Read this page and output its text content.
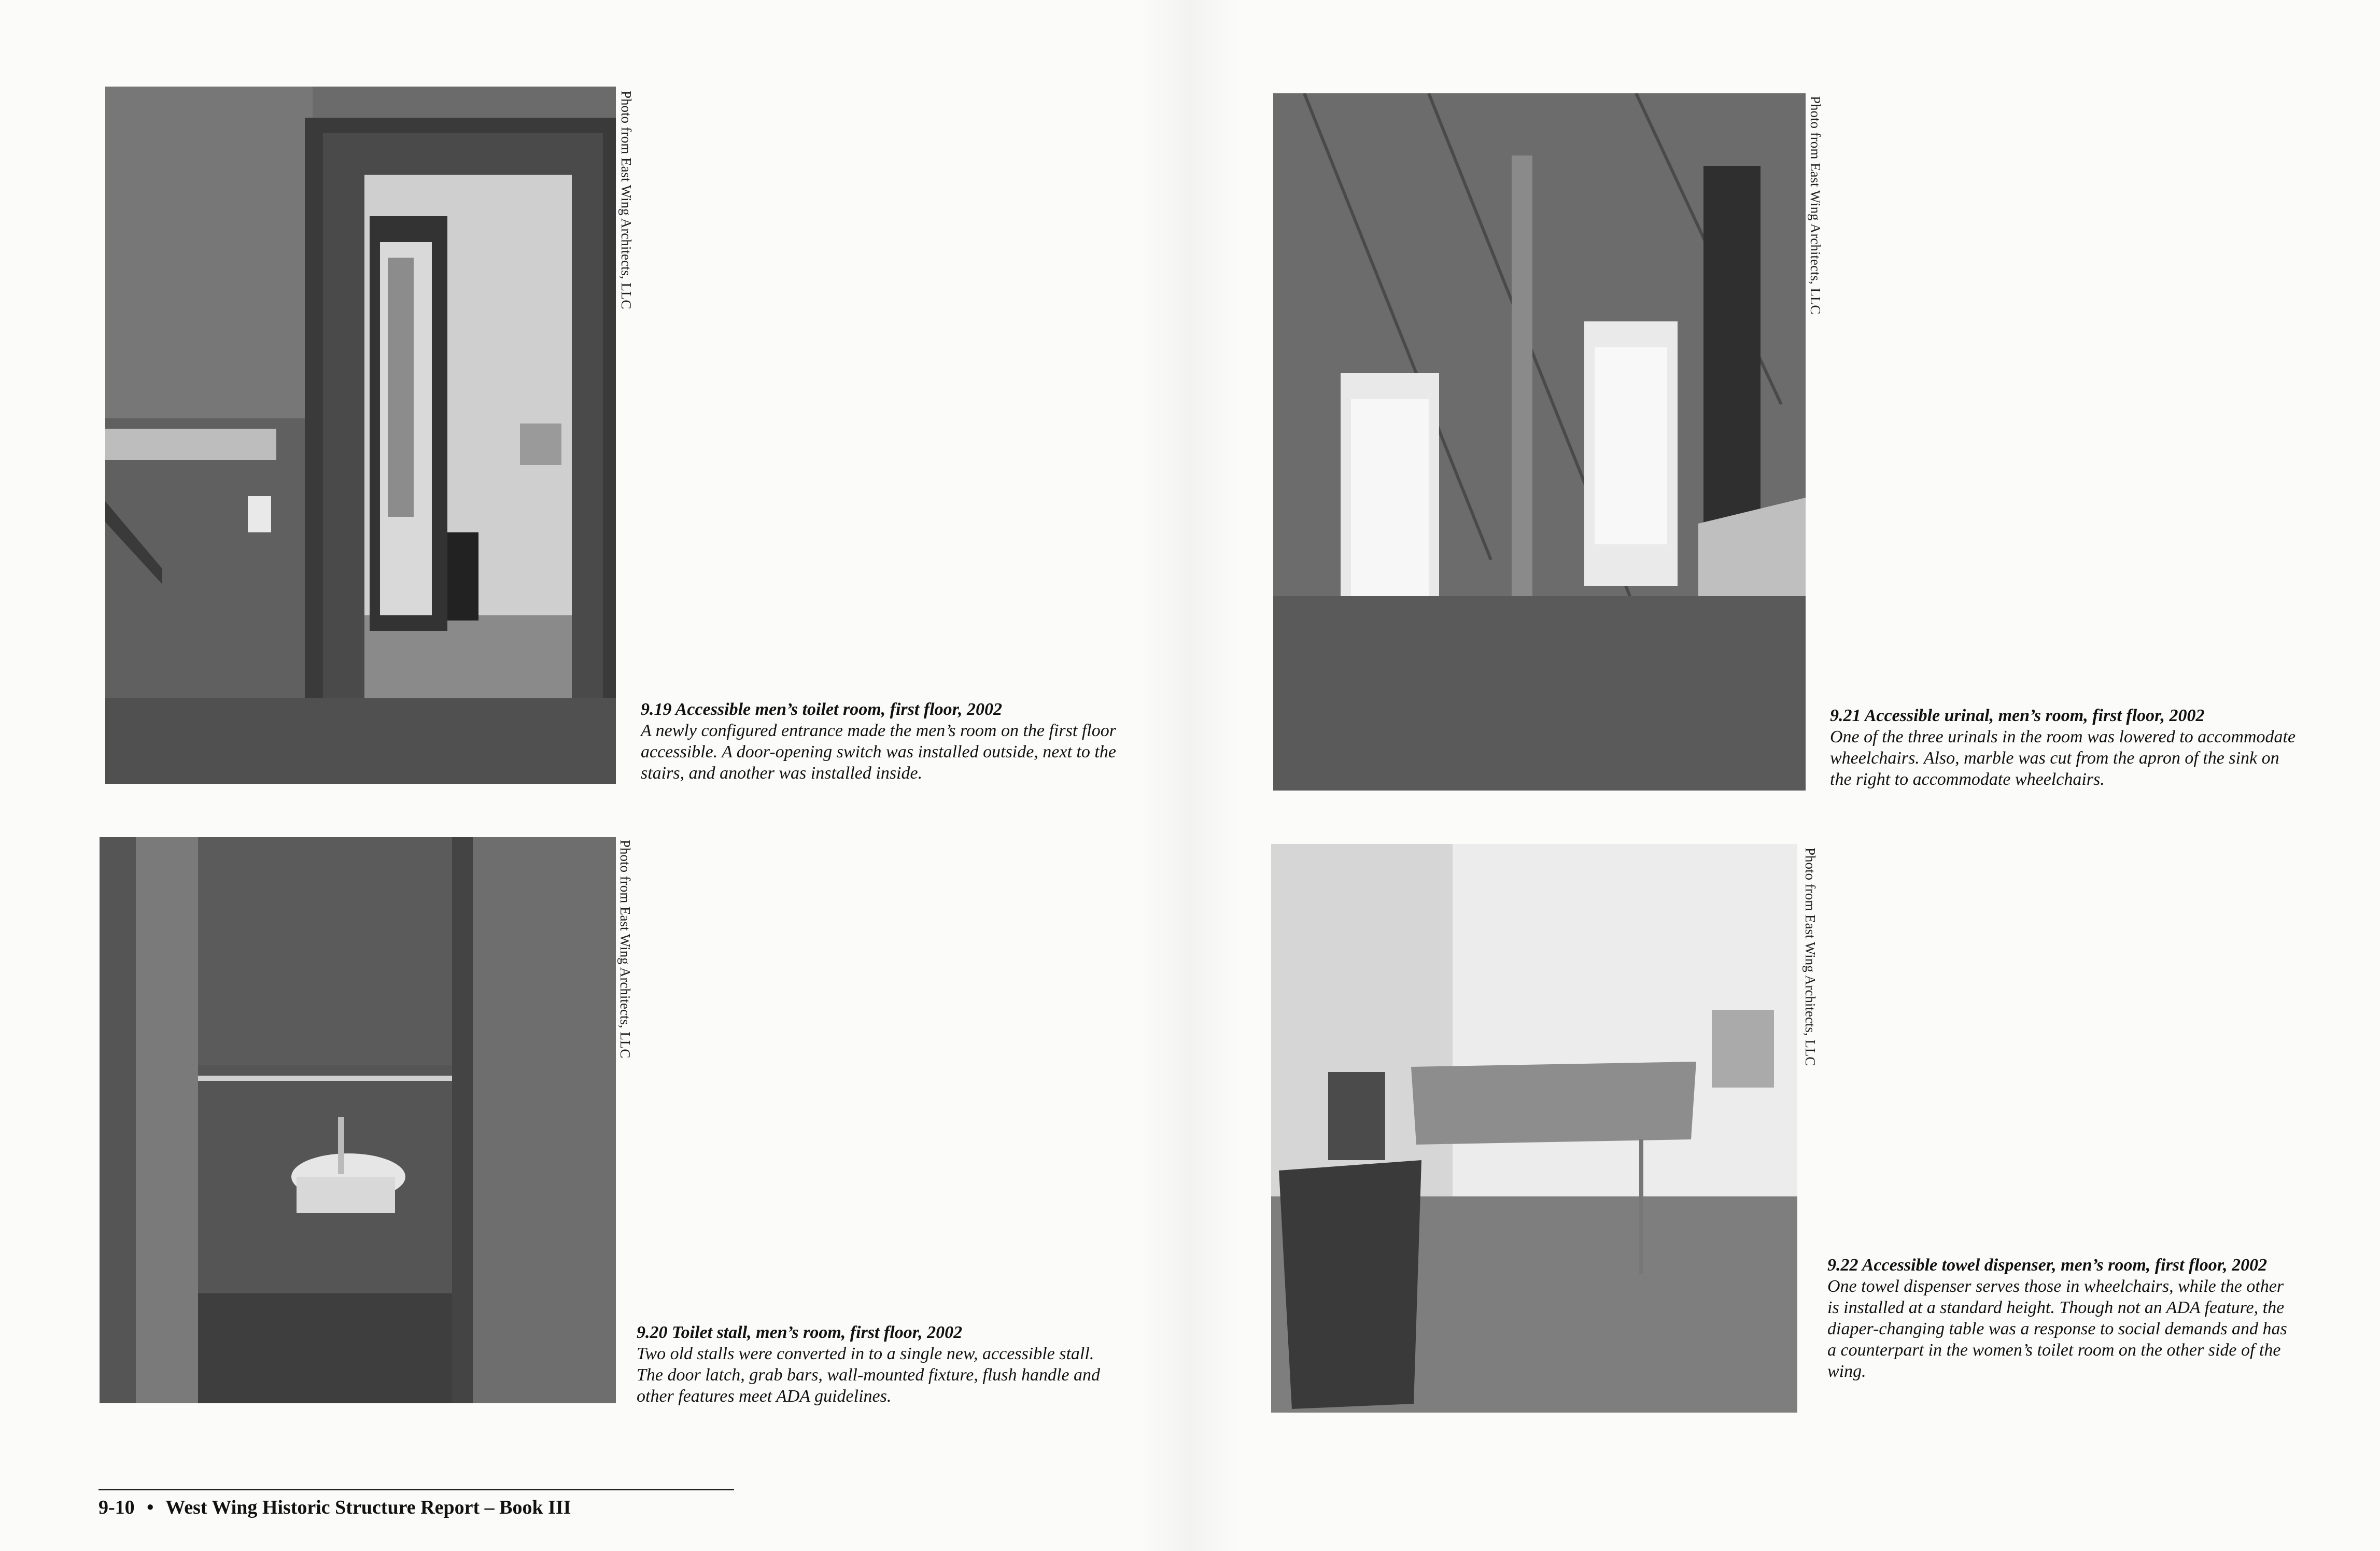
Photo from East Wing Architects, LLC
9.19 Accessible men’s toilet room, first floor, 2002
A newly configured entrance made the men’s room on the first floor accessible. A door-opening switch was installed outside, next to the stairs, and another was installed inside.
Photo from East Wing Architects, LLC
9.20 Toilet stall, men’s room, first floor, 2002
Two old stalls were converted in to a single new, accessible stall. The door latch, grab bars, wall-mounted fixture, flush handle and other features meet ADA guidelines.
Photo from East Wing Architects, LLC
9.21 Accessible urinal, men’s room, first floor, 2002
One of the three urinals in the room was lowered to accommodate wheelchairs. Also, marble was cut from the apron of the sink on the right to accommodate wheelchairs.
Photo from East Wing Architects, LLC
9.22 Accessible towel dispenser, men’s room, first floor, 2002
One towel dispenser serves those in wheelchairs, while the other is installed at a standard height. Though not an ADA feature, the diaper-changing table was a response to social demands and has a counterpart in the women’s toilet room on the other side of the wing.
9-10 • West Wing Historic Structure Report – Book III
